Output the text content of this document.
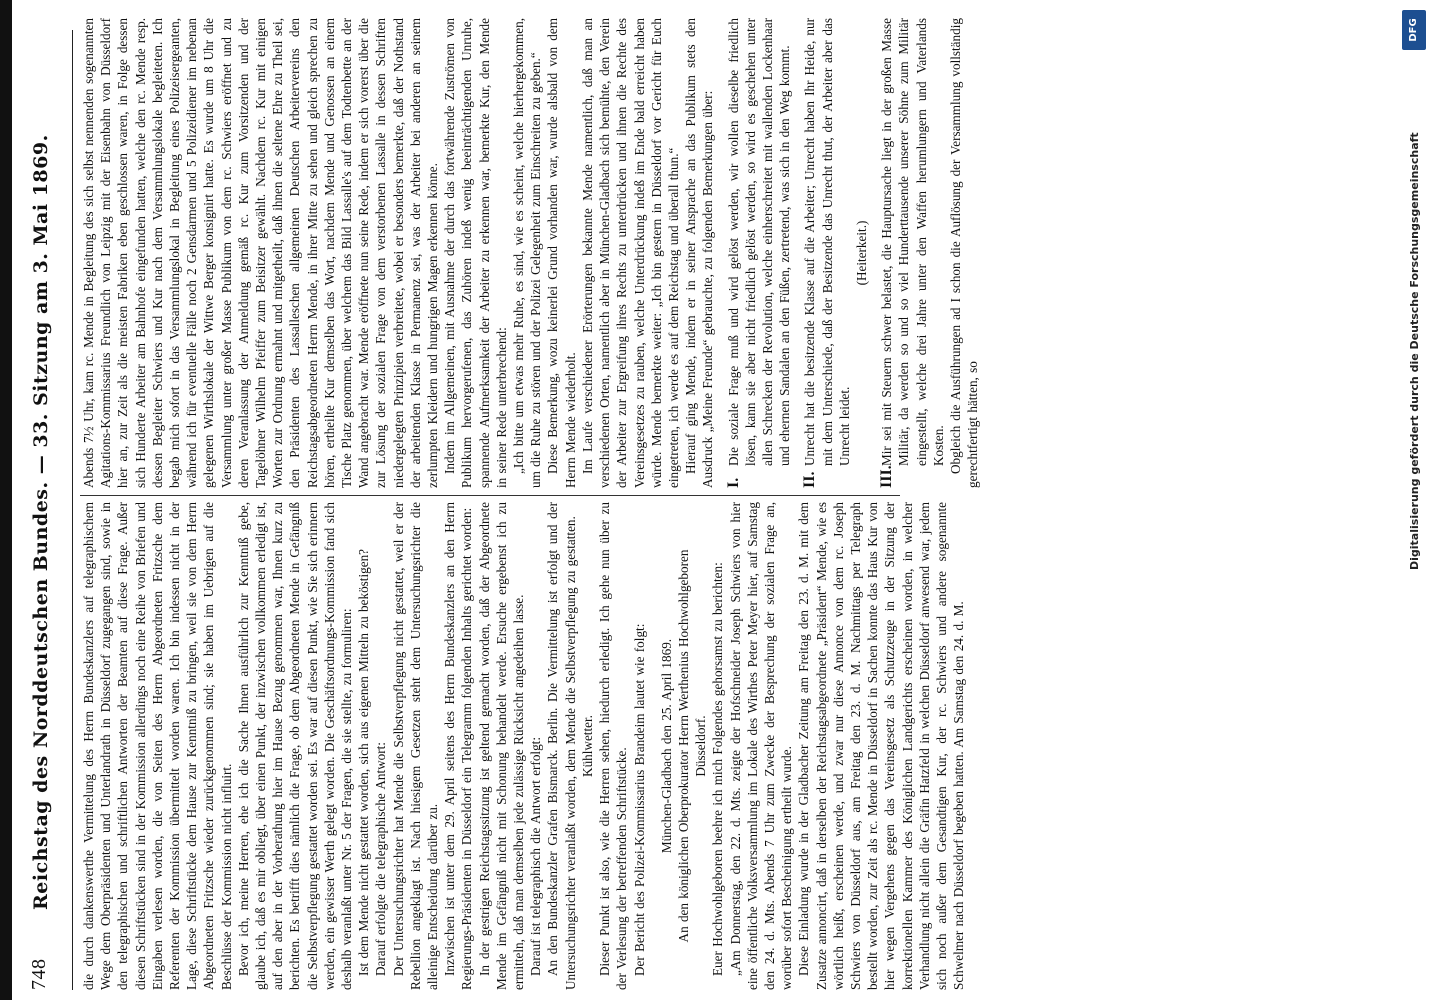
748
Reichstag des Norddeutschen Bundes. — 33. Sitzung am 3. Mai 1869. die durch dankenswerthe Vermittelung des Herrn Bundeskanzlers auf telegraphischem Wege dem Oberpräsidenten und Unterlandrath in Düsseldorf zugegangen sind, sowie in den telegraphischen und schriftlichen Antworten der Beamten auf diese Frage. Außer diesen Schriftstücken sind in der Kommission allerdings noch eine Reihe von Briefen und Eingaben verlesen worden, die von Seiten des Herrn Abgeordneten Fritzsche dem Referenten der Kommission übermittelt worden waren. Ich bin indessen nicht in der Lage, diese Schriftstücke dem Hause zur Kenntniß zu bringen, weil sie von dem Herrn Abgeordneten Fritzsche wieder zurückgenommen sind; sie haben im Uebrigen auf die Beschlüsse der Kommission nicht influirt. Bevor ich, meine Herren, ehe ich die Sache Ihnen ausführlich zur Kenntniß gebe, glaube ich, daß es mir obliegt, über einen Punkt, der inzwischen vollkommen erledigt ist, auf den aber in der Vorberathung hier im Hause Bezug genommen war, Ihnen kurz zu berichten. Es betrifft dies nämlich die Frage, ob dem Abgeordneten Mende in Gefängniß die Selbstverpflegung gestattet worden sei. Es war auf diesen Punkt, wie Sie sich erinnern werden, ein gewisser Werth gelegt worden. Die Geschäftsordnungs-Kommission fand sich deshalb veranlaßt unter Nr. 5 der Fragen, die sie stellte, zu formuliren: Ist dem Mende nicht gestattet worden, sich aus eigenen Mitteln zu beköstigen? Darauf erfolgte die telegraphische Antwort: Der Untersuchungsrichter hat Mende die Selbstverpflegung nicht gestattet, weil er der Rebellion angeklagt ist. Nach hiesigem Gesetzen steht dem Untersuchungsrichter die alleinige Entscheidung darüber zu. Inzwischen ist unter dem 29. April seitens des Herrn Bundeskanzlers an den Herrn Regierungs-Präsidenten in Düsseldorf ein Telegramm folgenden Inhalts gerichtet worden: In der gestrigen Reichstagssitzung ist geltend gemacht worden, daß der Abgeordnete Mende im Gefängniß nicht mit Schonung behandelt werde. Ersuche ergebenst ich zu ermitteln, daß man demselben jede zulässige Rücksicht angedeihen lasse. Darauf ist telegraphisch die Antwort erfolgt: An den Bundeskanzler Grafen Bismarck. Berlin. Die Vermittelung ist erfolgt und der Untersuchungsrichter veranlaßt worden, dem Mende die Selbstverpflegung zu gestatten. Kühlwetter. Dieser Punkt ist also, wie die Herren sehen, hiedurch erledigt. Ich gehe nun über zu der Verlesung der betreffenden Schriftstücke. Der Bericht des Polizei-Kommissarius Brandeim lautet wie folgt: München-Gladbach den 25. April 1869. An den königlichen Oberprokurator Herrn Werthenius Hochwohlgeboren Düsseldorf. Euer Hochwohlgeboren beehre ich mich Folgendes gehorsamst zu berichten: „Am Donnerstag, den 22. d. Mts. zeigte der Hofschneider Joseph Schwiers von hier eine öffentliche Volksversammlung im Lokale des Wirthes Peter Meyer hier, auf Samstag den 24. d. Mts. Abends 7 Uhr zum Zwecke der Besprechung der sozialen Frage an, worüber sofort Bescheinigung ertheilt wurde. Diese Einladung wurde in der Gladbacher Zeitung am Freitag den 23. d. M. mit dem Zusatze annoncirt, daß in derselben der Reichstagsabgeordnete „Präsident“ Mende, wie es wörtlich heißt, erscheinen werde, und zwar nur diese Annonce von dem rc. Joseph Schwiers von Düsseldorf aus, am Freitag den 23. d. M. Nachmittags per Telegraph bestellt worden, zur Zeit als rc. Mende in Düsseldorf in Sachen konnte das Haus Kur von hier wegen Vergehens gegen das Vereinsgesetz als Schutzzeuge in der Sitzung der korrektionellen Kammer des Königlichen Landgerichts erscheinen worden, in welcher Verhandlung nicht allein die Gräfin Hatzfeld in welchen Düsseldorf anwesend war, jedem sich noch außer dem Gesandtigen Kur, der rc. Schwiers und andere sogenannte Schwelmer nach Düsseldorf begeben hatten. Am Samstag den 24. d. M.

Abends 7½ Uhr, kam rc. Mende in Begleitung des sich selbst nennenden sogenannten Agitations-Kommissarius Freundlich von Leipzig mit der Eisenbahn von Düsseldorf hier an, zur Zeit als die meisten Fabriken eben geschlossen waren, in Folge dessen sich Hunderte Arbeiter am Bahnhofe eingefunden hatten, welche den rc. Mende resp. dessen Begleiter Schwiers und Kur nach dem Versammlungslokale begleiteten. Ich begab mich sofort in das Versammlungslokal in Begleitung eines Polizeisergeanten, während ich für eventuelle Fälle noch 2 Gensdarmen und 5 Polizeidiener im nebenan gelegenen Wirthslokale der Wittwe Berger konsignirt hatte. Es wurde um 8 Uhr die Versammlung unter großer Masse Publikum von dem rc. Schwiers eröffnet und zu deren Veranlassung der Anmeldung gemäß rc. Kur zum Vorsitzenden und der Tagelöhner Wilhelm Pfeiffer zum Beisitzer gewählt. Nachdem rc. Kur mit einigen Worten zur Ordnung ermahnt und mitgetheilt, daß ihnen die seltene Ehre zu Theil sei, den Präsidenten des Lassalleschen allgemeinen Deutschen Arbeitervereins den Reichstagsabgeordneten Herrn Mende, in ihrer Mitte zu sehen und gleich sprechen zu hören, ertheilte Kur demselben das Wort, nachdem Mende und Genossen an einem Tische Platz genommen, über welchem das Bild Lassalle's auf dem Todtenbette an der Wand angebracht war. Mende eröffnete nun seine Rede, indem er sich vorerst über die zur Lösung der sozialen Frage von dem verstorbenen Lassalle in dessen Schriften niedergelegten Prinzipien verbreitete, wobei er besonders bemerkte, daß der Nothstand der arbeitenden Klasse in Permanenz sei, was der Arbeiter bei anderen an seinem zerlumpten Kleidern und hungrigen Magen erkennen könne. Indem im Allgemeinen, mit Ausnahme der durch das fortwährende Zuströmen von Publikum hervorgerufenen, das Zuhören indeß wenig beeinträchtigenden Unruhe, spannende Aufmerksamkeit der Arbeiter zu erkennen war, bemerkte Kur, den Mende in seiner Rede unterbrechend: „Ich bitte um etwas mehr Ruhe, es sind, wie es scheint, welche hierhergekommen, um die Ruhe zu stören und der Polizei Gelegenheit zum Einschreiten zu geben.“ Diese Bemerkung, wozu keinerlei Grund vorhanden war, wurde alsbald von dem Herrn Mende wiederholt. Im Laufe verschiedener Erörterungen bekannte Mende namentlich, daß man an verschiedenen Orten, namentlich aber in München-Gladbach sich bemühte, den Verein der Arbeiter zur Ergreifung ihres Rechts zu unterdrücken und ihnen die Rechte des Vereinsgesetzes zu rauben, welche Unterdrückung indeß im Ende bald erreicht haben würde. Mende bemerkte weiter: „Ich bin gestern in Düsseldorf vor Gericht für Euch eingetreten, ich werde es auf dem Reichstag und überall thun.“ Hierauf ging Mende, indem er in seiner Ansprache an das Publikum stets den Ausdruck „Meine Freunde“ gebrauchte, zu folgenden Bemerkungen über: I.
Die soziale Frage muß und wird gelöst werden, wir wollen dieselbe friedlich lösen, kann sie aber nicht friedlich gelöst werden, so wird es geschehen unter allen Schrecken der Revolution, welche einherschreitet mit wallenden Lockenhaar und ehernen Sandalen an den Füßen, zertretend, was sich in den Weg kommt.

II.
Unrecht hat die besitzende Klasse auf die Arbeiter; Unrecht haben Ihr Heide, nur mit dem Unterschiede, daß der Besitzende das Unrecht thut, der Arbeiter aber das Unrecht leidet.

(Heiterkeit.)

III.
Mir sei mit Steuern schwer belastet, die Hauptursache liegt in der großen Masse Militär, da werden so und so viel Hunderttausende unserer Söhne zum Militär eingestellt, welche drei Jahre unter den Waffen herumlungern und Vaterlands Kosten. Obgleich die Ausführungen ad I schon die Auflösung der Versammlung vollständig gerechtfertigt hätten, so	Digitalisierung gefördert durch die Deutsche Forschungsgemeinschaft
DFG
